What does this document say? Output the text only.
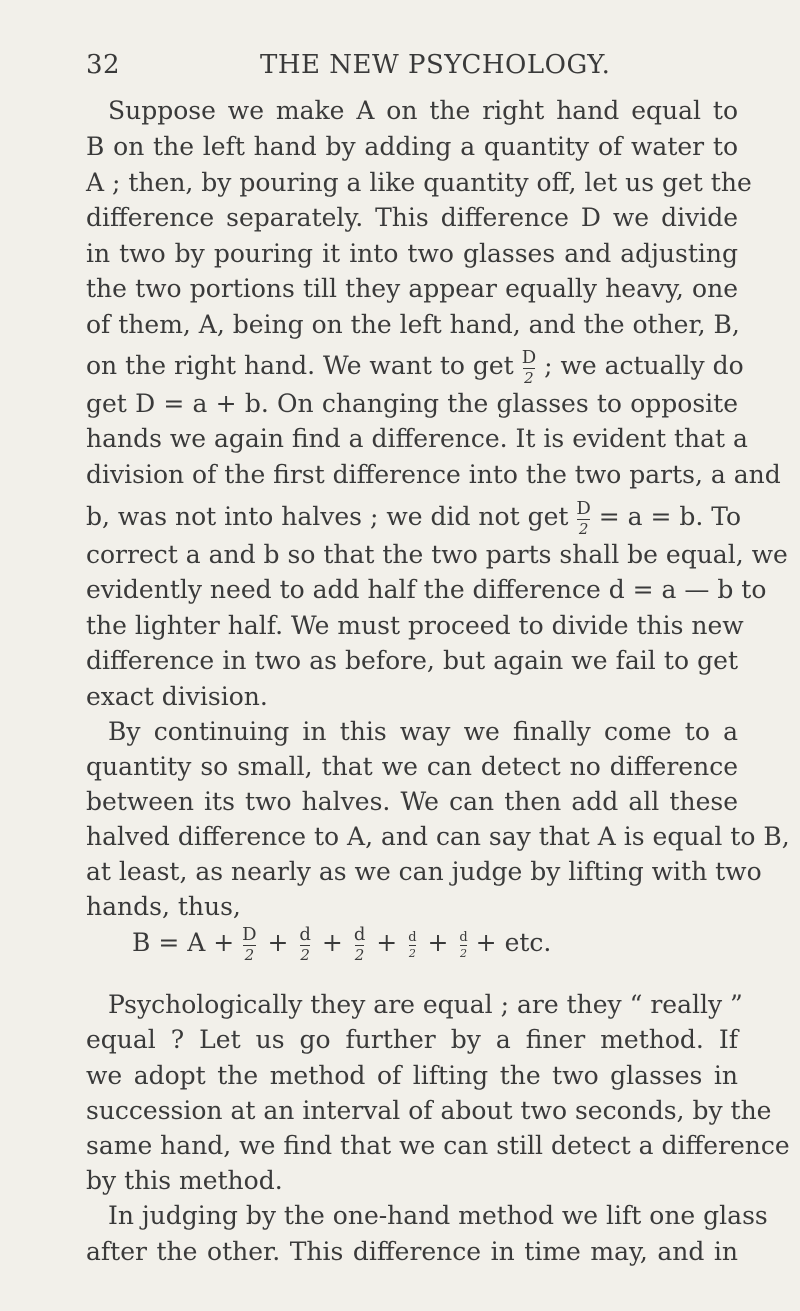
32	THE NEW PSYCHOLOGY.
Suppose we make A on the right hand equal to
B on the left hand by adding a quantity of water to
A ; then, by pouring a like quantity off, let us get the
difference separately. This difference D we divide
in two by pouring it into two glasses and adjusting
the two portions till they appear equally heavy, one
of them, A, being on the left hand, and the other, B,
on the right hand. We want to get $\frac{D}{2}$ ; we actually do
get D = a + b. On changing the glasses to opposite
hands we again find a difference. It is evident that a
division of the first difference into the two parts, a and
b, was not into halves ; we did not get $\frac{D}{2} = a = b$. To
correct a and b so that the two parts shall be equal, we
evidently need to add half the difference d = a — b to
the lighter half. We must proceed to divide this new
difference in two as before, but again we fail to get
exact division.
By continuing in this way we finally come to a
quantity so small, that we can detect no difference
between its two halves. We can then add all these
halved difference to A, and can say that A is equal to B,
at least, as nearly as we can judge by lifting with two
hands, thus,
$B = A + \frac{D}{2} + \frac{d}{2} + \frac{d}{2} + \frac{d}{2} + \frac{d}{2}$ + etc.
Psychologically they are equal ; are they “ really ”
equal ? Let us go further by a finer method. If
we adopt the method of lifting the two glasses in
succession at an interval of about two seconds, by the
same hand, we find that we can still detect a difference
by this method.
In judging by the one-hand method we lift one glass
after the other. This difference in time may, and in
